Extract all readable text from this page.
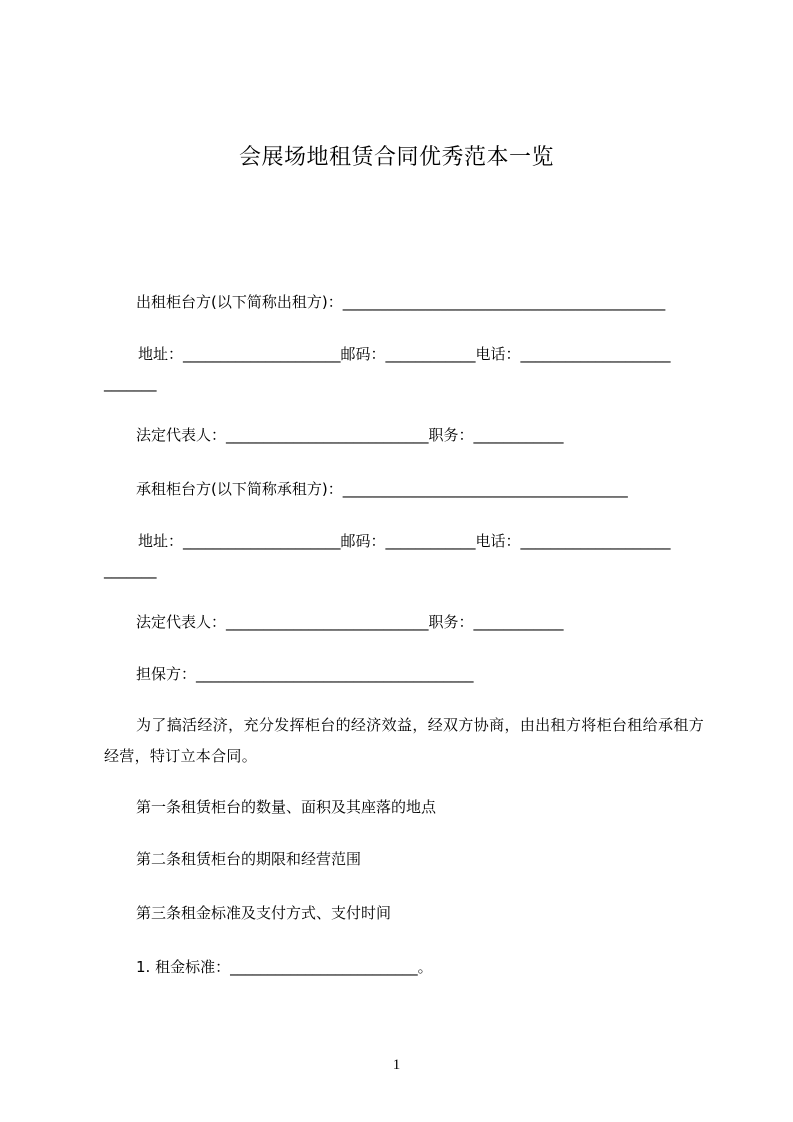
会展场地租赁合同优秀范本一览
出租柜台方(以下简称出租方)：___________________________________________
地址：_____________________邮码：____________电话：____________________
_______
法定代表人：___________________________职务：____________
承租柜台方(以下简称承租方)：______________________________________
地址：_____________________邮码：____________电话：____________________
_______
法定代表人：___________________________职务：____________
担保方：_____________________________________
为了搞活经济，充分发挥柜台的经济效益，经双方协商，由出租方将柜台租给承租方经营，特订立本合同。
第一条租赁柜台的数量、面积及其座落的地点
第二条租赁柜台的期限和经营范围
第三条租金标准及支付方式、支付时间
1. 租金标准：_________________________。
1
